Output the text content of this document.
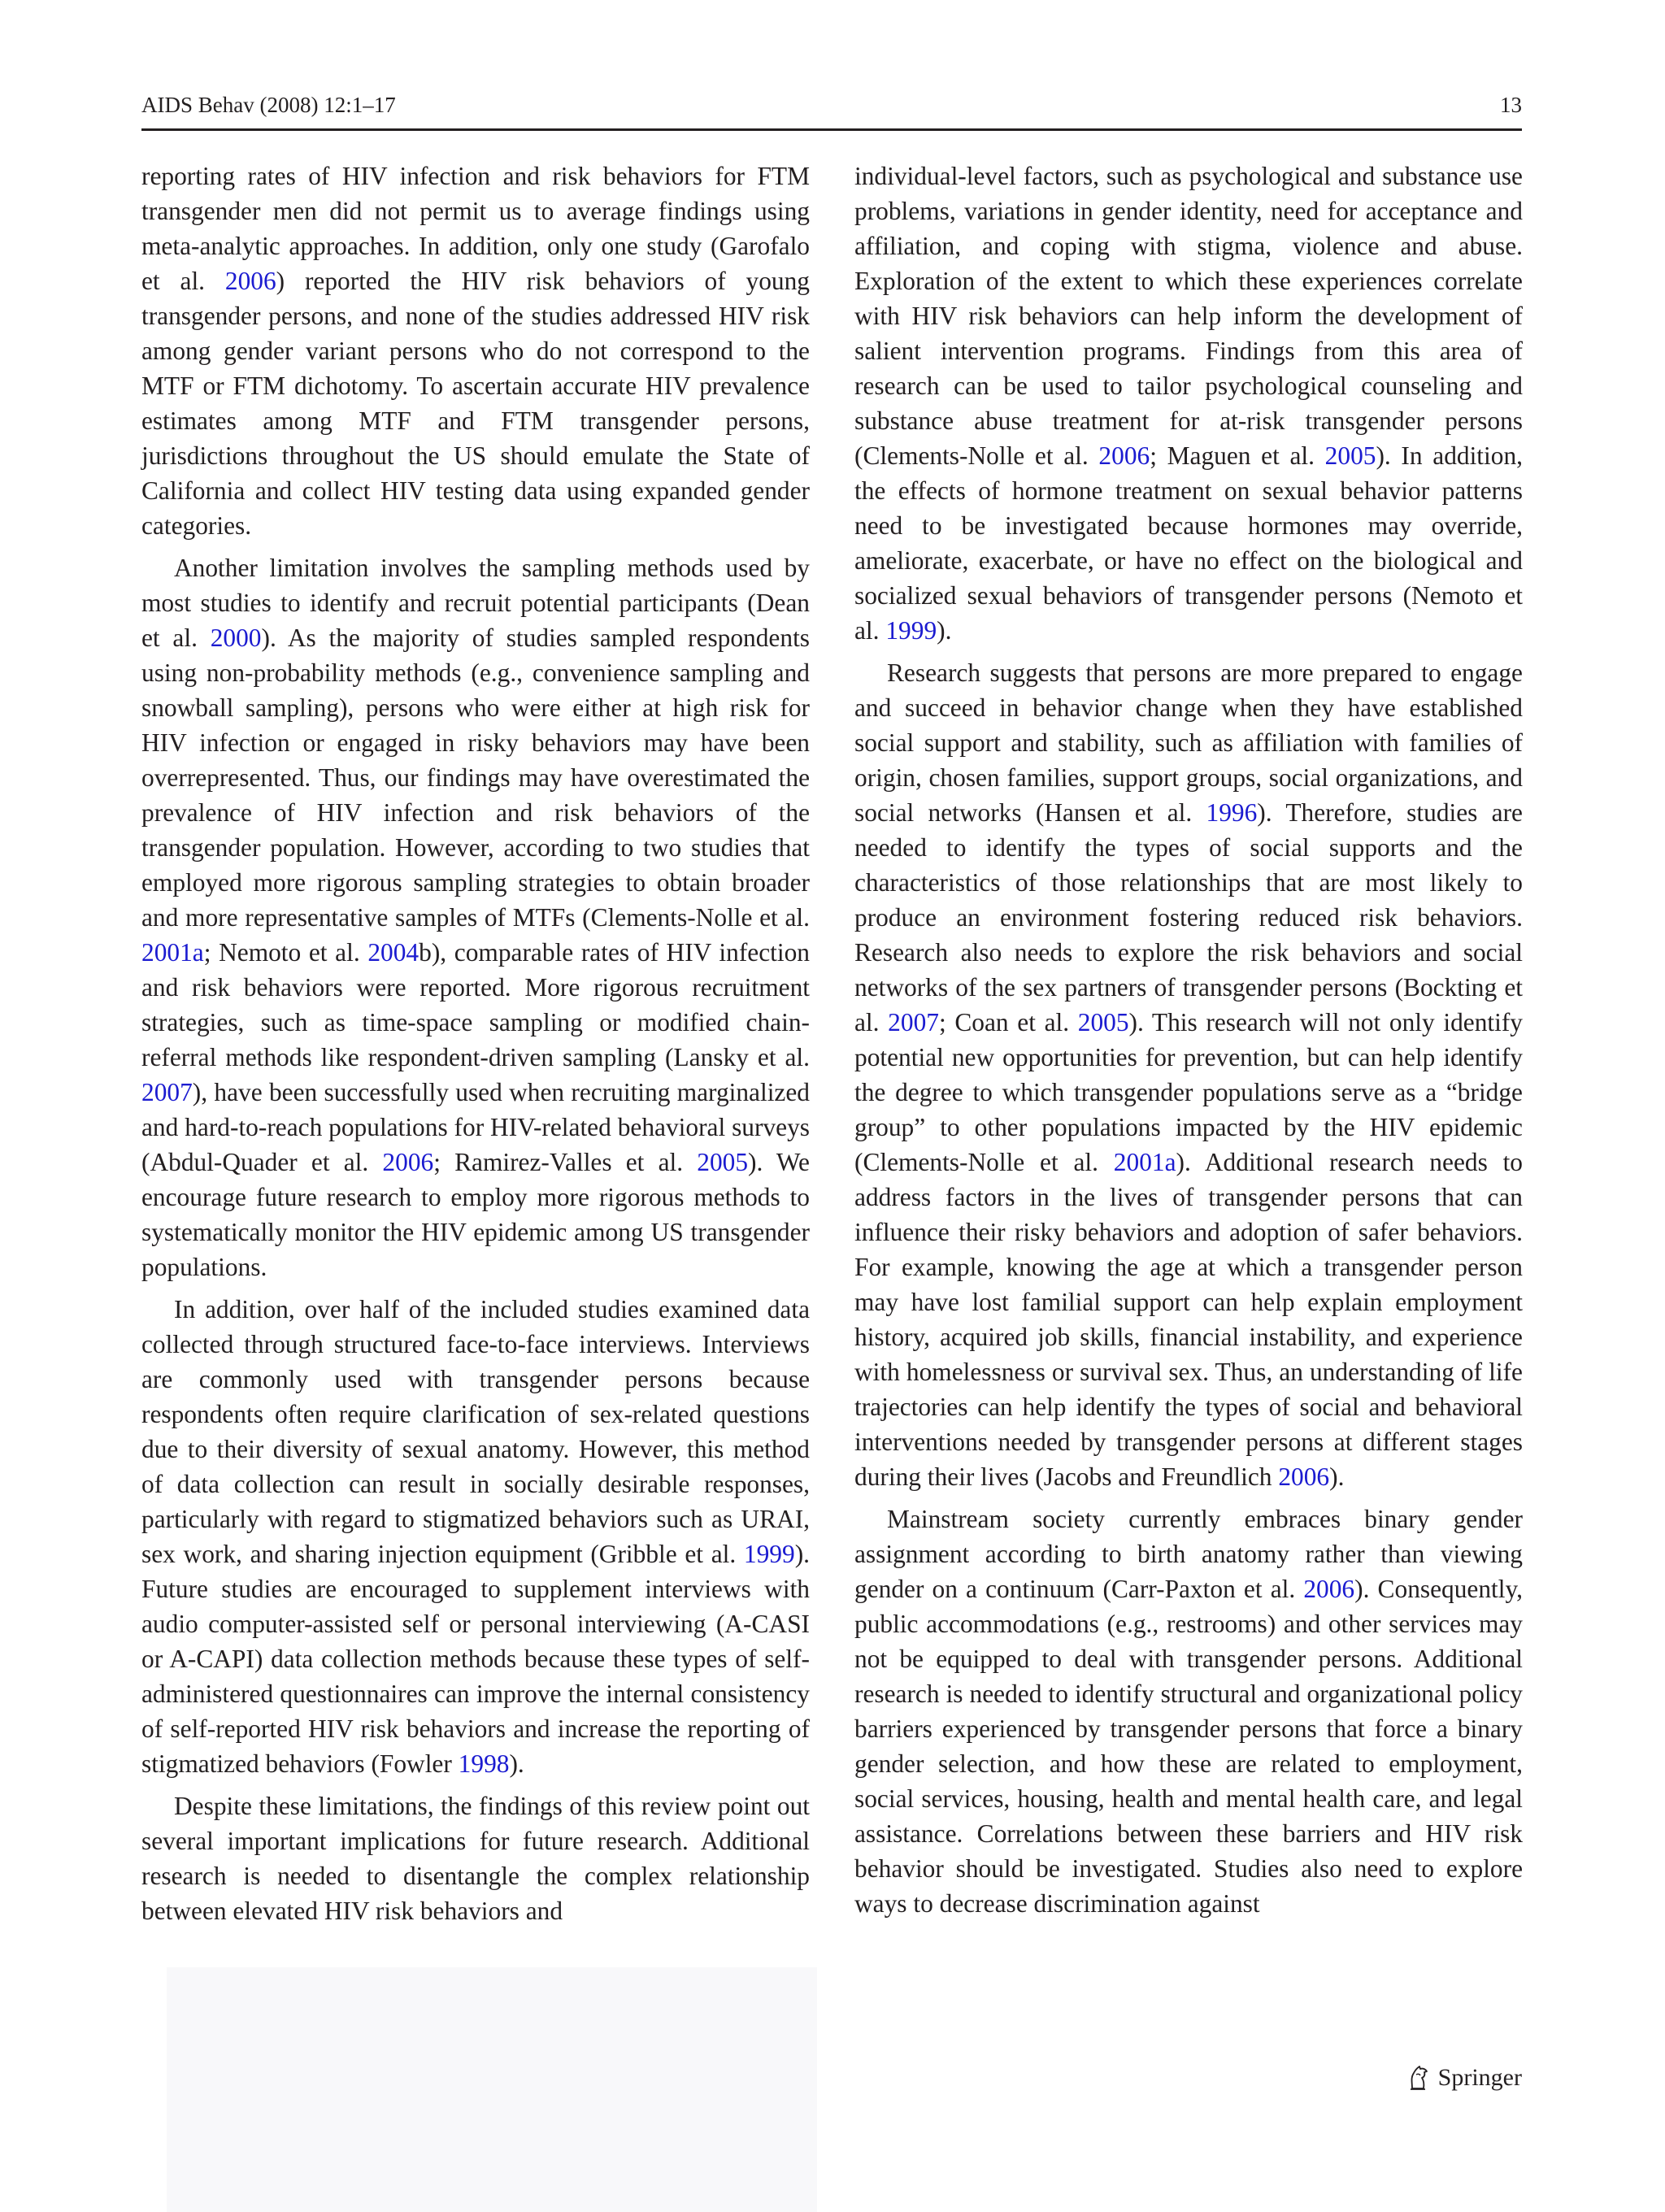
AIDS Behav (2008) 12:1–17	13

reporting rates of HIV infection and risk behaviors for FTM transgender men did not permit us to average findings using meta-analytic approaches. In addition, only one study (Garofalo et al. 2006) reported the HIV risk behaviors of young transgender persons, and none of the studies addressed HIV risk among gender variant persons who do not correspond to the MTF or FTM dichotomy. To ascertain accurate HIV prevalence estimates among MTF and FTM transgender persons, jurisdictions throughout the US should emulate the State of California and collect HIV testing data using expanded gender categories.

Another limitation involves the sampling methods used by most studies to identify and recruit potential participants (Dean et al. 2000). As the majority of studies sampled respondents using non-probability methods (e.g., convenience sampling and snowball sampling), persons who were either at high risk for HIV infection or engaged in risky behaviors may have been overrepresented. Thus, our findings may have overestimated the prevalence of HIV infection and risk behaviors of the transgender population. However, according to two studies that employed more rigorous sampling strategies to obtain broader and more representative samples of MTFs (Clements-Nolle et al. 2001a; Nemoto et al. 2004b), comparable rates of HIV infection and risk behaviors were reported. More rigorous recruitment strategies, such as time-space sampling or modified chain-referral methods like respondent-driven sampling (Lansky et al. 2007), have been successfully used when recruiting marginalized and hard-to-reach populations for HIV-related behavioral surveys (Abdul-Quader et al. 2006; Ramirez-Valles et al. 2005). We encourage future research to employ more rigorous methods to systematically monitor the HIV epidemic among US transgender populations.

In addition, over half of the included studies examined data collected through structured face-to-face interviews. Interviews are commonly used with transgender persons because respondents often require clarification of sex-related questions due to their diversity of sexual anatomy. However, this method of data collection can result in socially desirable responses, particularly with regard to stigmatized behaviors such as URAI, sex work, and sharing injection equipment (Gribble et al. 1999). Future studies are encouraged to supplement interviews with audio computer-assisted self or personal interviewing (A-CASI or A-CAPI) data collection methods because these types of self-administered questionnaires can improve the internal consistency of self-reported HIV risk behaviors and increase the reporting of stigmatized behaviors (Fowler 1998).

Despite these limitations, the findings of this review point out several important implications for future research. Additional research is needed to disentangle the complex relationship between elevated HIV risk behaviors and

individual-level factors, such as psychological and substance use problems, variations in gender identity, need for acceptance and affiliation, and coping with stigma, violence and abuse. Exploration of the extent to which these experiences correlate with HIV risk behaviors can help inform the development of salient intervention programs. Findings from this area of research can be used to tailor psychological counseling and substance abuse treatment for at-risk transgender persons (Clements-Nolle et al. 2006; Maguen et al. 2005). In addition, the effects of hormone treatment on sexual behavior patterns need to be investigated because hormones may override, ameliorate, exacerbate, or have no effect on the biological and socialized sexual behaviors of transgender persons (Nemoto et al. 1999).

Research suggests that persons are more prepared to engage and succeed in behavior change when they have established social support and stability, such as affiliation with families of origin, chosen families, support groups, social organizations, and social networks (Hansen et al. 1996). Therefore, studies are needed to identify the types of social supports and the characteristics of those relationships that are most likely to produce an environment fostering reduced risk behaviors. Research also needs to explore the risk behaviors and social networks of the sex partners of transgender persons (Bockting et al. 2007; Coan et al. 2005). This research will not only identify potential new opportunities for prevention, but can help identify the degree to which transgender populations serve as a “bridge group” to other populations impacted by the HIV epidemic (Clements-Nolle et al. 2001a). Additional research needs to address factors in the lives of transgender persons that can influence their risky behaviors and adoption of safer behaviors. For example, knowing the age at which a transgender person may have lost familial support can help explain employment history, acquired job skills, financial instability, and experience with homelessness or survival sex. Thus, an understanding of life trajectories can help identify the types of social and behavioral interventions needed by transgender persons at different stages during their lives (Jacobs and Freundlich 2006).

Mainstream society currently embraces binary gender assignment according to birth anatomy rather than viewing gender on a continuum (Carr-Paxton et al. 2006). Consequently, public accommodations (e.g., restrooms) and other services may not be equipped to deal with transgender persons. Additional research is needed to identify structural and organizational policy barriers experienced by transgender persons that force a binary gender selection, and how these are related to employment, social services, housing, health and mental health care, and legal assistance. Correlations between these barriers and HIV risk behavior should be investigated. Studies also need to explore ways to decrease discrimination against

Springer
